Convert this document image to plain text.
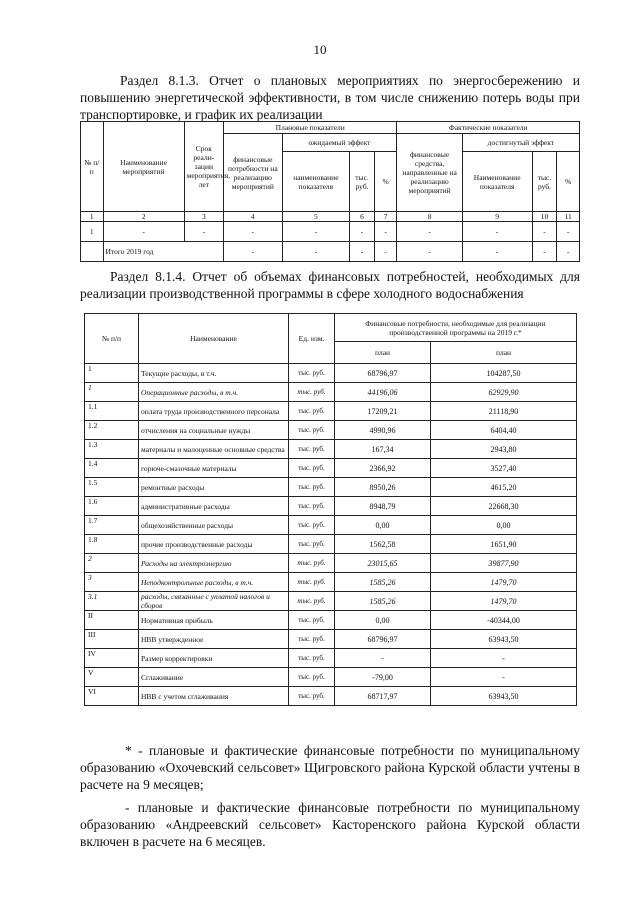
10
Раздел 8.1.3. Отчет о плановых мероприятиях по энергосбережению и повышению энергетической эффективности, в том числе снижению потерь воды при транспортировке, и график их реализации
№ п/п	Наименование мероприятий	Срок реали-зации мероприятия, лет	Плановые показатели				Фактические показатели			
			финансовые потребности на реализацию мероприятий	ожидаемый эффект			финансовые средства, направленные на реализацию мероприятий	достигнутый эффект		
				наименование показателя	тыс. руб.	%		Наименование показателя	тыс. руб.	%
1	2	3	4	5	6	7	8	9	10	11
1	-	-	-	-	-	-	-	-	-	-
	Итого 2019 год		-	-	-	-	-	-	-	-
Раздел 8.1.4. Отчет об объемах финансовых потребностей, необходимых для реализации производственной программы в сфере холодного водоснабжения
№ п/п	Наименование	Ед. изм.	Финансовые потребности, необходимые для реализации производственной программы на 2019 г.*	
			план	план
1	Текущие расходы, в т.ч.	тыс. руб.	68796,97	104287,50
1	Операционные расходы, в т.ч.	тыс. руб.	44196,06	62929,90
1.1	оплата труда производственного персонала	тыс. руб.	17209,21	21118,90
1.2	отчисления на социальные нужды	тыс. руб.	4990,96	6404,40
1.3	материалы и малоценные основные средства	тыс. руб.	167,34	2943,80
1.4	горюче-смазочные материалы	тыс. руб.	2366,92	3527,40
1.5	ремонтные расходы	тыс. руб.	8950,26	4615,20
1.6	административные расходы	тыс. руб.	8948,79	22668,30
1.7	общехозяйственные расходы	тыс. руб.	0,00	0,00
1.8	прочие производственные расходы	тыс. руб.	1562,58	1651,90
2	Расходы на электроэнергию	тыс. руб.	23015,65	39877,90
3	Неподконтрольные расходы, в т.ч.	тыс. руб.	1585,26	1479,70
3.1	расходы, связанные с уплатой налогов и сборов	тыс. руб.	1585,26	1479,70
II	Нормативная прибыль	тыс. руб.	0,00	-40344,00
III	НВВ утвержденное	тыс. руб.	68796,97	63943,50
IV	Размер корректировки	тыс. руб.	-	-
V	Сглаживание	тыс. руб.	-79,00	-
VI	НВВ с учетом сглаживания	тыс. руб.	68717,97	63943,50
* - плановые и фактические финансовые потребности по муниципальному образованию «Охочевский сельсовет» Щигровского района Курской области учтены в расчете на 9 месяцев;
- плановые и фактические финансовые потребности по муниципальному образованию «Андреевский сельсовет» Касторенского района Курской области включен в расчете на 6 месяцев.
